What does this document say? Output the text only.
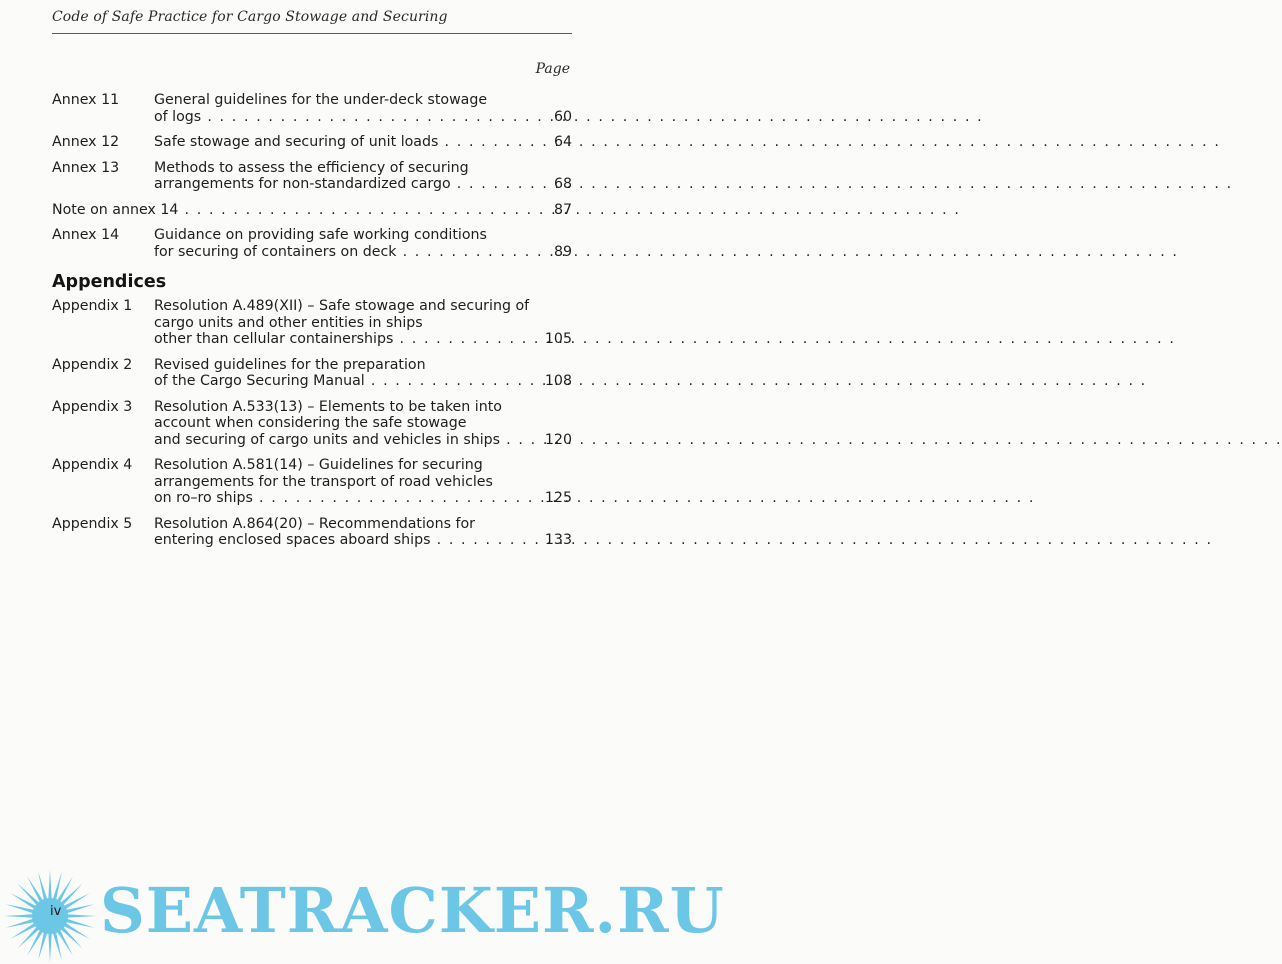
Code of Safe Practice for Cargo Stowage and Securing
Page
Annex 11 General guidelines for the under-deck stowage
of logs . . .	60
Annex 12 Safe stowage and securing of unit loads . . .	64
Annex 13 Methods to assess the efficiency of securing
arrangements for non-standardized cargo . . .	68
Note on annex 14 . . .	87
Annex 14 Guidance on providing safe working conditions
for securing of containers on deck . . .	89
Appendices
Appendix 1 Resolution A.489(XII) – Safe stowage and securing of
cargo units and other entities in ships
other than cellular containerships . . .	105
Appendix 2 Revised guidelines for the preparation
of the Cargo Securing Manual . . .	108
Appendix 3 Resolution A.533(13) – Elements to be taken into
account when considering the safe stowage
and securing of cargo units and vehicles in ships . . .	120
Appendix 4 Resolution A.581(14) – Guidelines for securing
arrangements for the transport of road vehicles
on ro–ro ships . . .	125
Appendix 5 Resolution A.864(20) – Recommendations for
entering enclosed spaces aboard ships . . .	133
iv SEATRACKER.RU
